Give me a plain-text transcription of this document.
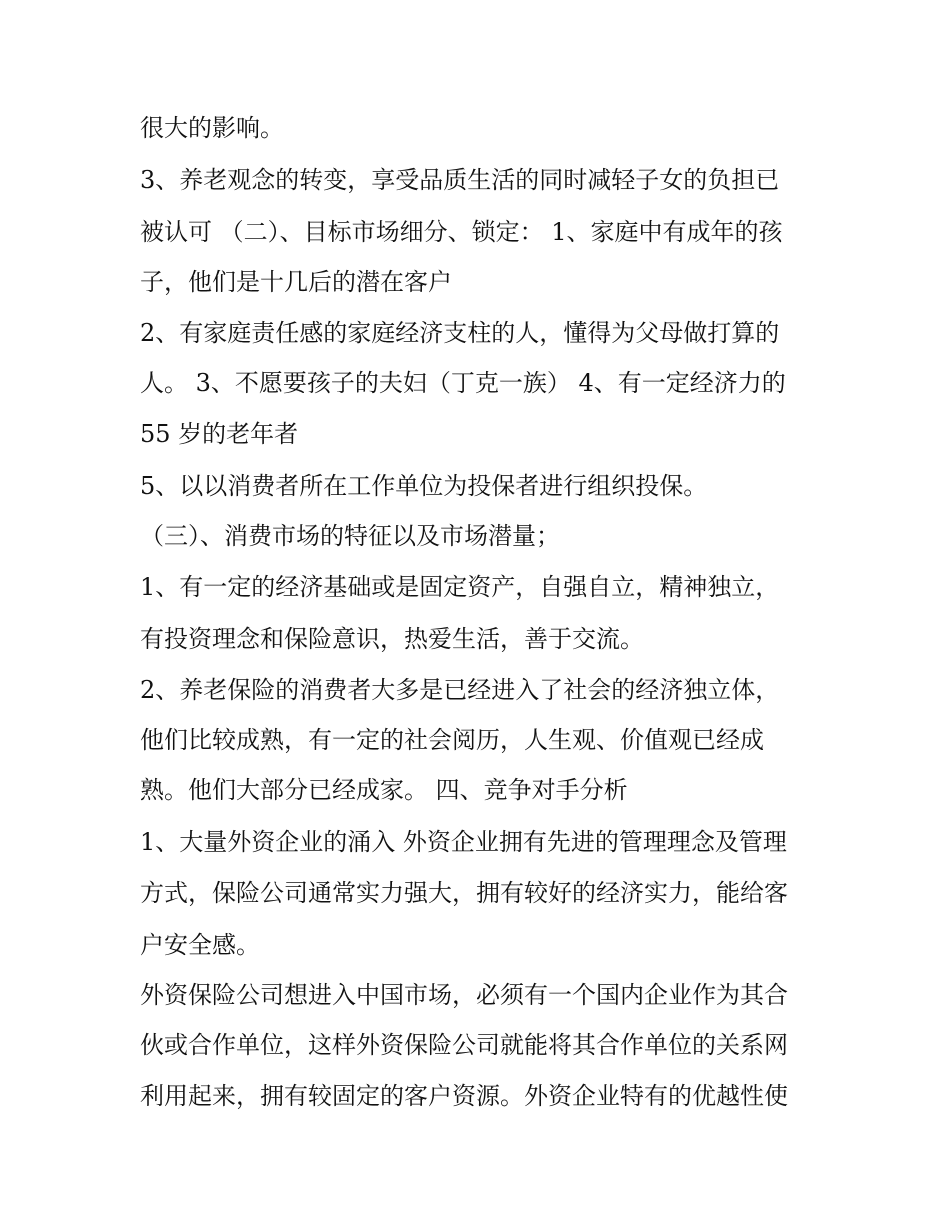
很大的影响。
3、养老观念的转变，享受品质生活的同时减轻子女的负担已
被认可 （二）、目标市场细分、锁定： 1、家庭中有成年的孩
子，他们是十几后的潜在客户
2、有家庭责任感的家庭经济支柱的人，懂得为父母做打算的
人。 3、不愿要孩子的夫妇（丁克一族） 4、有一定经济力的
55 岁的老年者
5、以以消费者所在工作单位为投保者进行组织投保。
（三）、消费市场的特征以及市场潜量；
1、有一定的经济基础或是固定资产，自强自立，精神独立，
有投资理念和保险意识，热爱生活，善于交流。
2、养老保险的消费者大多是已经进入了社会的经济独立体，
他们比较成熟，有一定的社会阅历，人生观、价值观已经成
熟。他们大部分已经成家。 四、竞争对手分析
1、大量外资企业的涌入 外资企业拥有先进的管理理念及管理
方式，保险公司通常实力强大，拥有较好的经济实力，能给客
户安全感。
外资保险公司想进入中国市场，必须有一个国内企业作为其合
伙或合作单位，这样外资保险公司就能将其合作单位的关系网
利用起来，拥有较固定的客户资源。外资企业特有的优越性使
